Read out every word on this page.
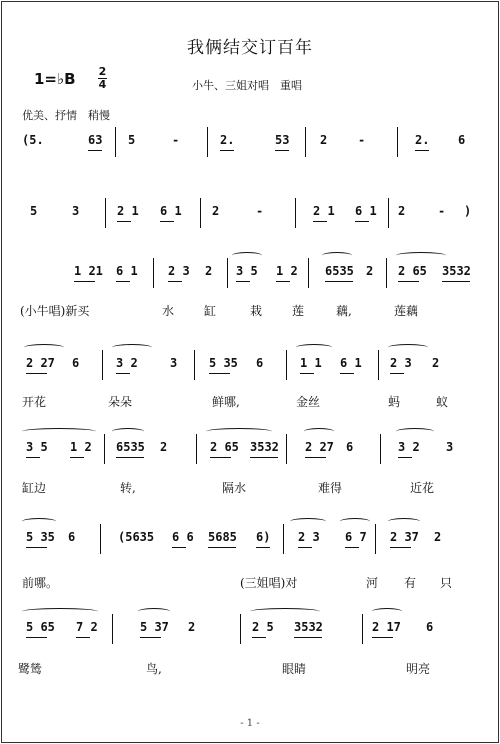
我俩结交订百年
1=♭B 2
4	小牛、三姐对唱　重唱
优美、抒情　稍慢
(5.	63 5	-	2.	53	2	-	2. 6
5	3	2 1 6 1	2	-	2 1 6 1 2	- )
1 21 6 1	2 3 2 3 5 1 2 6535 2 2 65 3532
(小牛唱)新买	水 缸	栽 莲	藕,	莲藕
2 27 6	3 2	3	5 35 6	1 1 6 1 2 3 2
开花	朵朵	鲜哪,	金丝	蚂	蚁
3 5 1 2 6535 2	2 65 3532 2 27 6	3 2 3
缸边	转,	隔水	难得	近花
5 35 6	(5635 6 6 5685 6) 2 3 6 7 2 37 2
前哪。	(三姐唱)对	河 有 只
5 65 7 2	5 37 2	2 5 3532	2 17 6
鹭鸶	鸟,	眼睛	明亮
- 1 -
